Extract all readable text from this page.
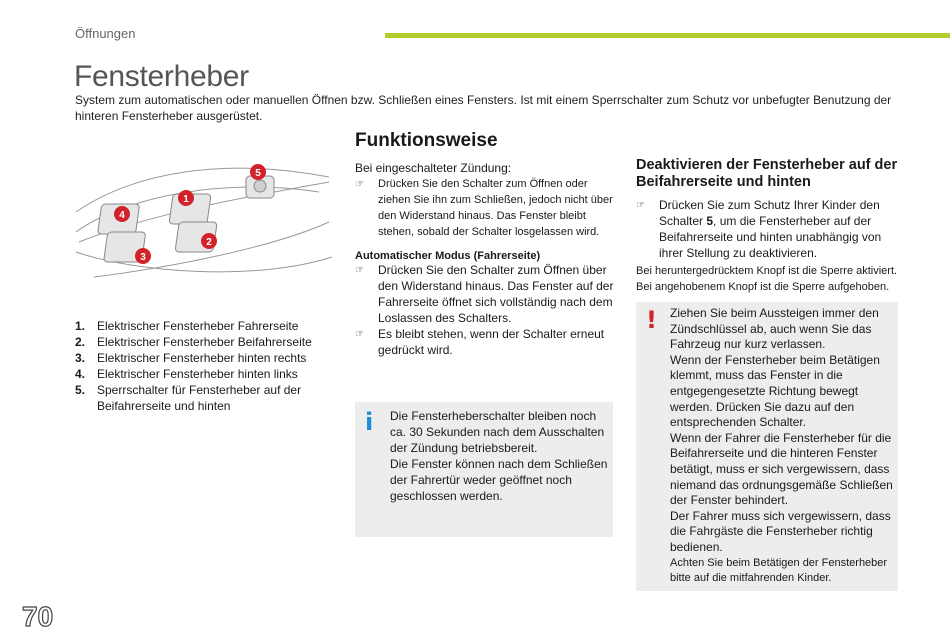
Öffnungen
Fensterheber

System zum automatischen oder manuellen Öffnen bzw. Schließen eines Fensters. Ist mit einem Sperrschalter zum Schutz vor unbefugter Benutzung der hinteren Fensterheber ausgerüstet.

1
2
3
4
5
1. Elektrischer Fensterheber Fahrerseite
2. Elektrischer Fensterheber Beifahrerseite
3. Elektrischer Fensterheber hinten rechts
4. Elektrischer Fensterheber hinten links
5. Sperrschalter für Fensterheber auf der Beifahrerseite und hinten
Funktionsweise
Bei eingeschalteter Zündung:
☞	Drücken Sie den Schalter zum Öffnen oder ziehen Sie ihn zum Schließen, jedoch nicht über den Widerstand hinaus. Das Fenster bleibt stehen, sobald der Schalter losgelassen wird.
Automatischer Modus (Fahrerseite)
☞	Drücken Sie den Schalter zum Öffnen über den Widerstand hinaus. Das Fenster auf der Fahrerseite öffnet sich vollständig nach dem Loslassen des Schalters.
☞	Es bleibt stehen, wenn der Schalter erneut gedrückt wird.
i Die Fensterheberschalter bleiben noch ca. 30 Sekunden nach dem Ausschalten der Zündung betriebsbereit.
Die Fenster können nach dem Schließen der Fahrertür weder geöffnet noch geschlossen werden.
Deaktivieren der Fensterheber auf der Beifahrerseite und hinten
☞	Drücken Sie zum Schutz Ihrer Kinder den Schalter 5, um die Fensterheber auf der Beifahrerseite und hinten unabhängig von ihrer Stellung zu deaktivieren.
Bei heruntergedrücktem Knopf ist die Sperre aktiviert.
Bei angehobenem Knopf ist die Sperre aufgehoben.
! Ziehen Sie beim Aussteigen immer den Zündschlüssel ab, auch wenn Sie das Fahrzeug nur kurz verlassen.
Wenn der Fensterheber beim Betätigen klemmt, muss das Fenster in die entgegengesetzte Richtung bewegt werden. Drücken Sie dazu auf den entsprechenden Schalter.
Wenn der Fahrer die Fensterheber für die Beifahrerseite und die hinteren Fenster betätigt, muss er sich vergewissern, dass niemand das ordnungsgemäße Schließen der Fenster behindert.
Der Fahrer muss sich vergewissern, dass die Fahrgäste die Fensterheber richtig bedienen.
Achten Sie beim Betätigen der Fensterheber bitte auf die mitfahrenden Kinder.
70
